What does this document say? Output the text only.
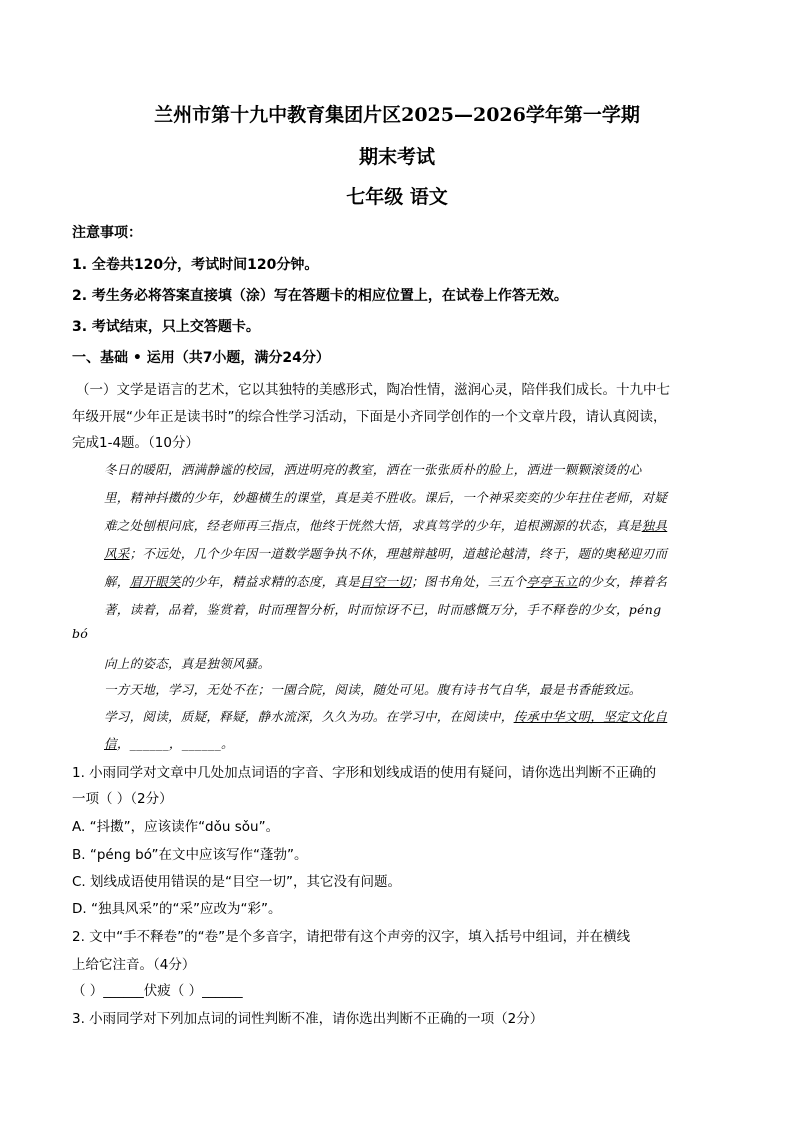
兰州市第十九中教育集团片区2025—2026学年第一学期
期末考试
七年级 语文
注意事项：
1. 全卷共120分，考试时间120分钟。
2. 考生务必将答案直接填（涂）写在答题卡的相应位置上，在试卷上作答无效。
3. 考试结束，只上交答题卡。
一、基础 • 运用（共7小题，满分24分）
（一）文学是语言的艺术，它以其独特的美感形式，陶冶性情，滋润心灵，陪伴我们成长。十九中七
年级开展“少年正是读书时”的综合性学习活动，下面是小齐同学创作的一个文章片段，请认真阅读，
完成1-4题。（10分）
冬日的暖阳，洒满静谧的校园，洒进明亮的教室，洒在一张张质朴的脸上，洒进一颗颗滚烫的心
里，精神抖擞的少年，妙趣横生的课堂，真是美不胜收。课后，一个神采奕奕的少年拄住老师，对疑
难之处刨根问底，经老师再三指点，他终于恍然大悟，求真笃学的少年，追根溯源的状态，真是独具
风采；不远处，几个少年因一道数学题争执不休，理越辩越明，道越论越清，终于，题的奥秘迎刃而
解，眉开眼笑的少年，精益求精的态度，真是目空一切；图书角处，三五个亭亭玉立的少女，捧着名
著，读着，品着，鉴赏着，时而理智分析，时而惊讶不已，时而感慨万分，手不释卷的少女，péng
bó
向上的姿态，真是独领风骚。
一方天地，学习，无处不在；一園合院，阅读，随处可见。腹有诗书气自华，最是书香能致远。
学习，阅读，质疑，释疑，静水流深，久久为功。在学习中，在阅读中，传承中华文明，坚定文化自
信，______，______。
1. 小雨同学对文章中几处加点词语的字音、字形和划线成语的使用有疑问，请你选出判断不正确的
一项（ ）（2分）
A. “抖擞”，应该读作“dǒu sǒu”。
B. “péng bó”在文中应该写作“蓬勃”。
C. 划线成语使用错误的是“目空一切”，其它没有问题。
D. “独具风采”的“采”应改为“彩”。
2. 文中“手不释卷”的“卷”是个多音字，请把带有这个声旁的汉字，填入括号中组词，并在横线
上给它注音。（4分）
（ ）______伏疲（ ）______
3. 小雨同学对下列加点词的词性判断不准，请你选出判断不正确的一项（2分）
